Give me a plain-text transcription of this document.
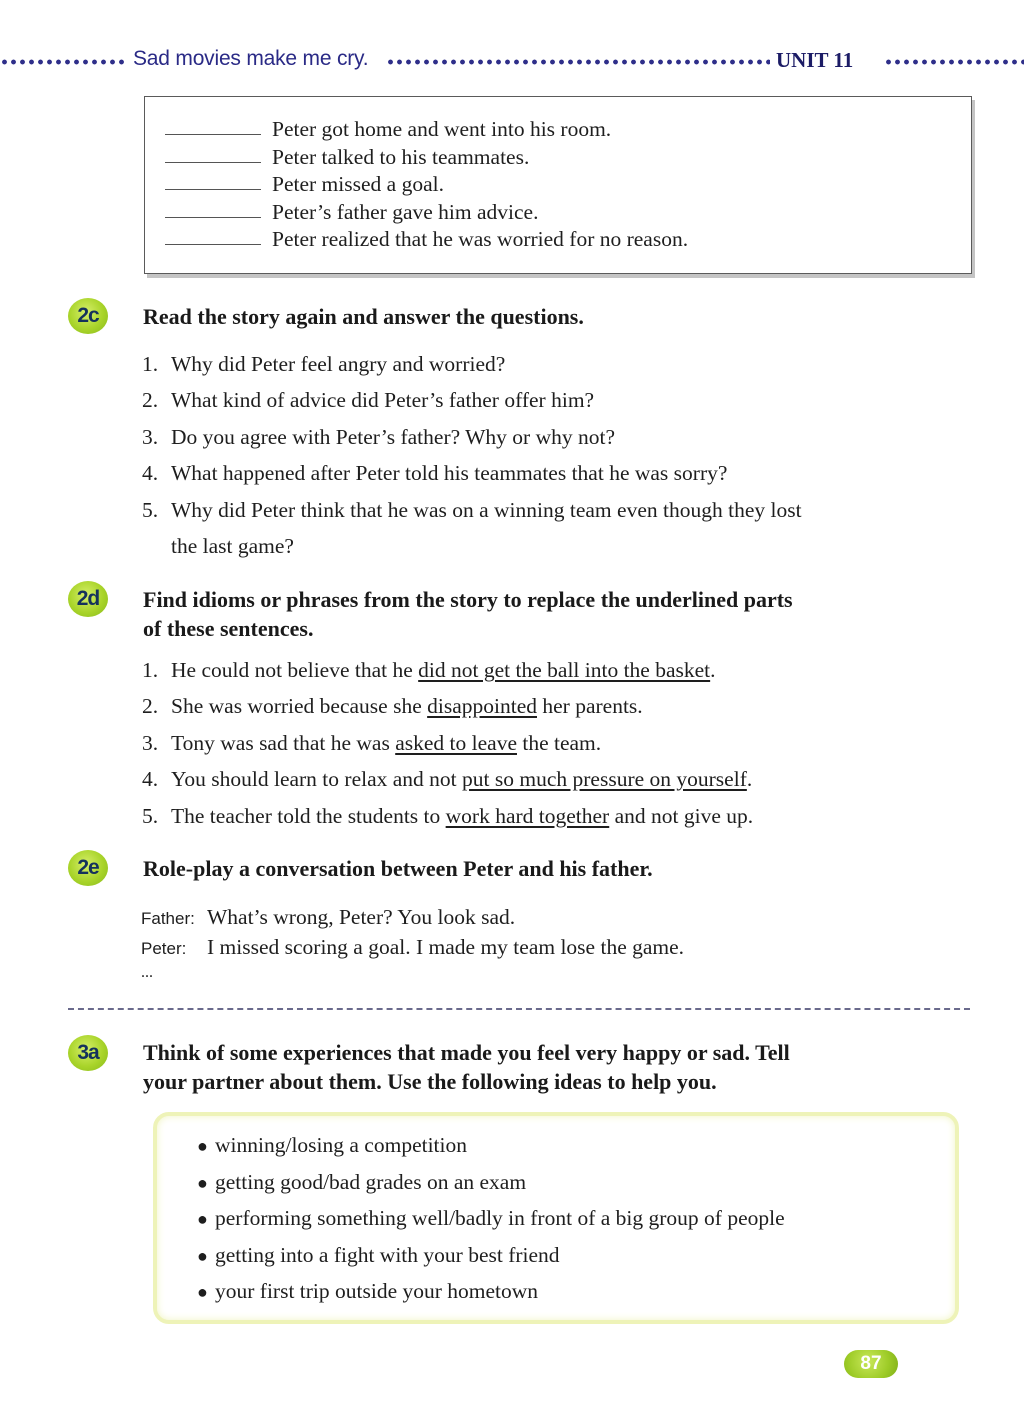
Sad movies make me cry.	UNIT 11
Peter got home and went into his room.
Peter talked to his teammates.
Peter missed a goal.
Peter’s father gave him advice.
Peter realized that he was worried for no reason.
2c	Read the story again and answer the questions.
1. Why did Peter feel angry and worried?
2. What kind of advice did Peter’s father offer him?
3. Do you agree with Peter’s father? Why or why not?
4. What happened after Peter told his teammates that he was sorry?
5. Why did Peter think that he was on a winning team even though they lost
the last game?
2d	Find idioms or phrases from the story to replace the underlined parts
of these sentences.
1. He could not believe that he did not get the ball into the basket.
2. She was worried because she disappointed her parents.
3. Tony was sad that he was asked to leave the team.
4. You should learn to relax and not put so much pressure on yourself.
5. The teacher told the students to work hard together and not give up.
2e	Role-play a conversation between Peter and his father.
Father: What’s wrong, Peter? You look sad.
Peter: I missed scoring a goal. I made my team lose the game.
...
3a	Think of some experiences that made you feel very happy or sad. Tell
your partner about them. Use the following ideas to help you.
● winning/losing a competition
● getting good/bad grades on an exam
● performing something well/badly in front of a big group of people
● getting into a fight with your best friend
● your first trip outside your hometown
87
